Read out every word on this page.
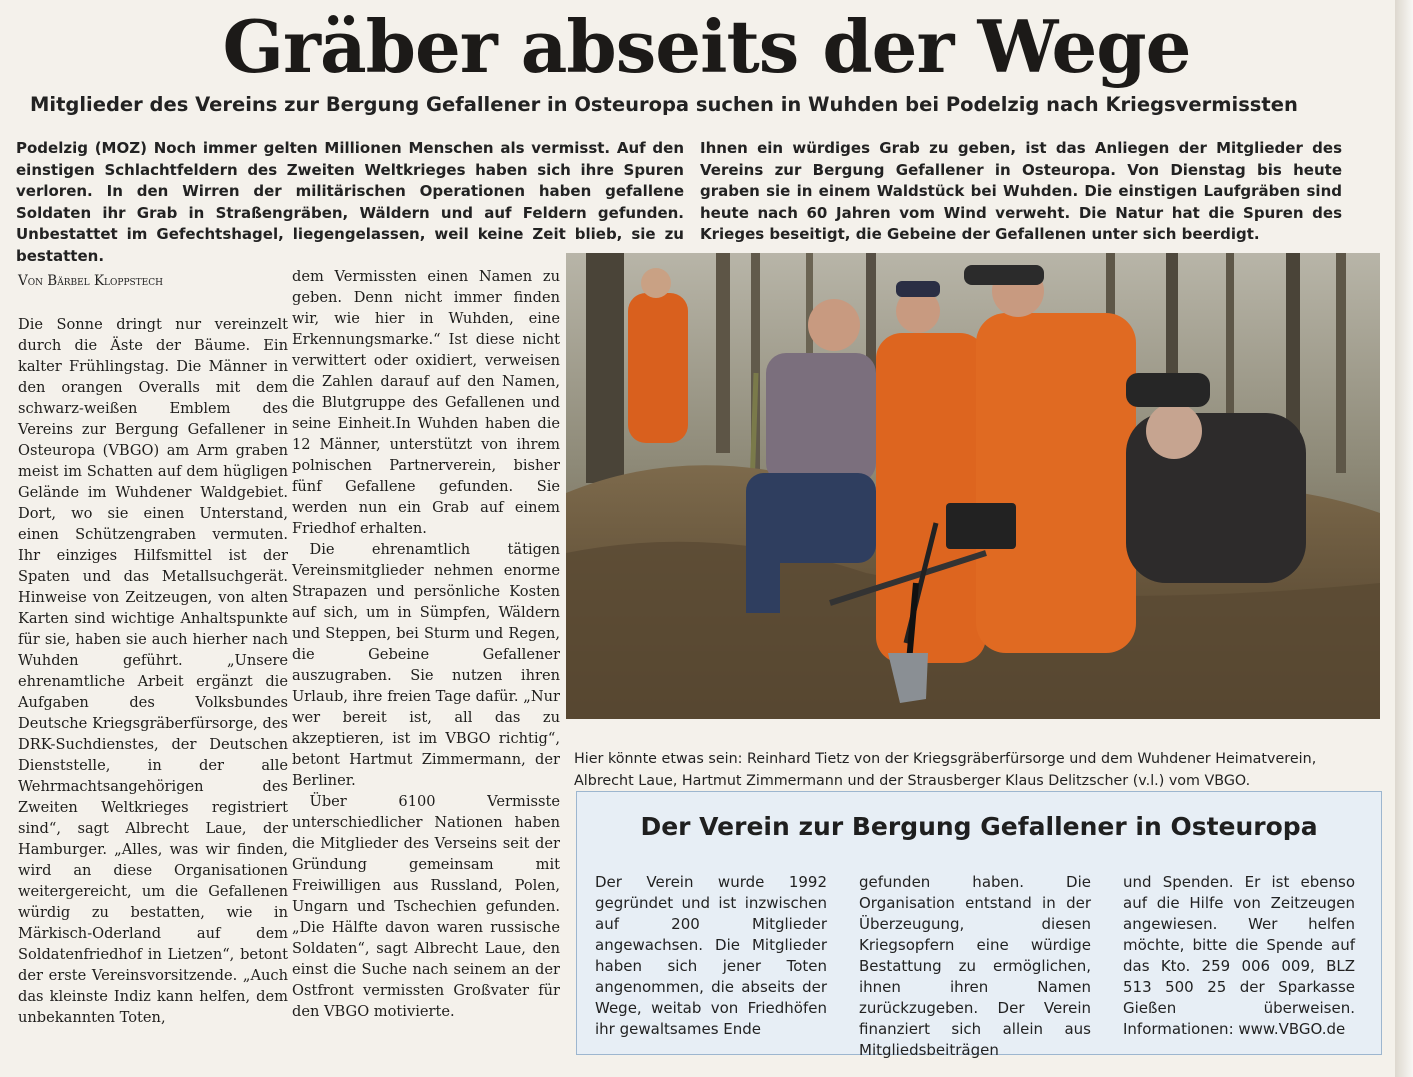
Gräber abseits der Wege
Mitglieder des Vereins zur Bergung Gefallener in Osteuropa suchen in Wuhden bei Podelzig nach Kriegsvermissten
Podelzig (MOZ) Noch immer gelten Millionen Menschen als vermisst. Auf den einstigen Schlachtfeldern des Zweiten Weltkrieges haben sich ihre Spuren verloren. In den Wirren der militärischen Operationen haben gefallene Soldaten ihr Grab in Straßengräben, Wäldern und auf Feldern gefunden. Unbestattet im Gefechtshagel, liegengelassen, weil keine Zeit blieb, sie zu bestatten.
Ihnen ein würdiges Grab zu geben, ist das Anliegen der Mitglieder des Vereins zur Bergung Gefallener in Osteuropa. Von Dienstag bis heute graben sie in einem Waldstück bei Wuhden. Die einstigen Laufgräben sind heute nach 60 Jahren vom Wind verweht. Die Natur hat die Spuren des Krieges beseitigt, die Gebeine der Gefallenen unter sich beerdigt.
Von Bärbel Kloppstech

Die Sonne dringt nur vereinzelt durch die Äste der Bäume. Ein kalter Frühlingstag. Die Männer in den orangen Overalls mit dem schwarz-weißen Emblem des Vereins zur Bergung Gefallener in Osteuropa (VBGO) am Arm graben meist im Schatten auf dem hügligen Gelände im Wuhdener Waldgebiet. Dort, wo sie einen Unterstand, einen Schützengraben vermuten. Ihr einziges Hilfsmittel ist der Spaten und das Metallsuchgerät. Hinweise von Zeitzeugen, von alten Karten sind wichtige Anhaltspunkte für sie, haben sie auch hierher nach Wuhden geführt. „Unsere ehrenamtliche Arbeit ergänzt die Aufgaben des Volksbundes Deutsche Kriegsgräberfürsorge, des DRK-Suchdienstes, der Deutschen Dienststelle, in der alle Wehrmachtsangehörigen des Zweiten Weltkrieges registriert sind“, sagt Albrecht Laue, der Hamburger. „Alles, was wir finden, wird an diese Organisationen weitergereicht, um die Gefallenen würdig zu bestatten, wie in Märkisch-Oderland auf dem Soldatenfriedhof in Lietzen“, betont der erste Vereinsvorsitzende. „Auch das kleinste Indiz kann helfen, dem unbekannten Toten,

dem Vermissten einen Namen zu geben. Denn nicht immer finden wir, wie hier in Wuhden, eine Erkennungsmarke.“ Ist diese nicht verwittert oder oxidiert, verweisen die Zahlen darauf auf den Namen, die Blutgruppe des Gefallenen und seine Einheit.In Wuhden haben die 12 Männer, unterstützt von ihrem polnischen Partnerverein, bisher fünf Gefallene gefunden. Sie werden nun ein Grab auf einem Friedhof erhalten.

Die ehrenamtlich tätigen Vereinsmitglieder nehmen enorme Strapazen und persönliche Kosten auf sich, um in Sümpfen, Wäldern und Steppen, bei Sturm und Regen, die Gebeine Gefallener auszugraben. Sie nutzen ihren Urlaub, ihre freien Tage dafür. „Nur wer bereit ist, all das zu akzeptieren, ist im VBGO richtig“, betont Hartmut Zimmermann, der Berliner.

Über 6100 Vermisste unterschiedlicher Nationen haben die Mitglieder des Verseins seit der Gründung gemeinsam mit Freiwilligen aus Russland, Polen, Ungarn und Tschechien gefunden. „Die Hälfte davon waren russische Soldaten“, sagt Albrecht Laue, den einst die Suche nach seinem an der Ostfront vermissten Großvater für den VBGO motivierte.

Hier könnte etwas sein: Reinhard Tietz von der Kriegsgräberfürsorge und dem Wuhdener Heimatverein, Albrecht Laue, Hartmut Zimmermann und der Strausberger Klaus Delitzscher (v.l.) vom VBGO.
Der Verein zur Bergung Gefallener in Osteuropa
Der Verein wurde 1992 gegründet und ist inzwischen auf 200 Mitglieder angewachsen. Die Mitglieder haben sich jener Toten angenommen, die abseits der Wege, weitab von Friedhöfen ihr gewaltsames Ende
gefunden haben. Die Organisation entstand in der Überzeugung, diesen Kriegsopfern eine würdige Bestattung zu ermöglichen, ihnen ihren Namen zurückzugeben. Der Verein finanziert sich allein aus Mitgliedsbeiträgen
und Spenden. Er ist ebenso auf die Hilfe von Zeitzeugen angewiesen. Wer helfen möchte, bitte die Spende auf das Kto. 259 006 009, BLZ 513 500 25 der Sparkasse Gießen überweisen. Informationen: www.VBGO.de
